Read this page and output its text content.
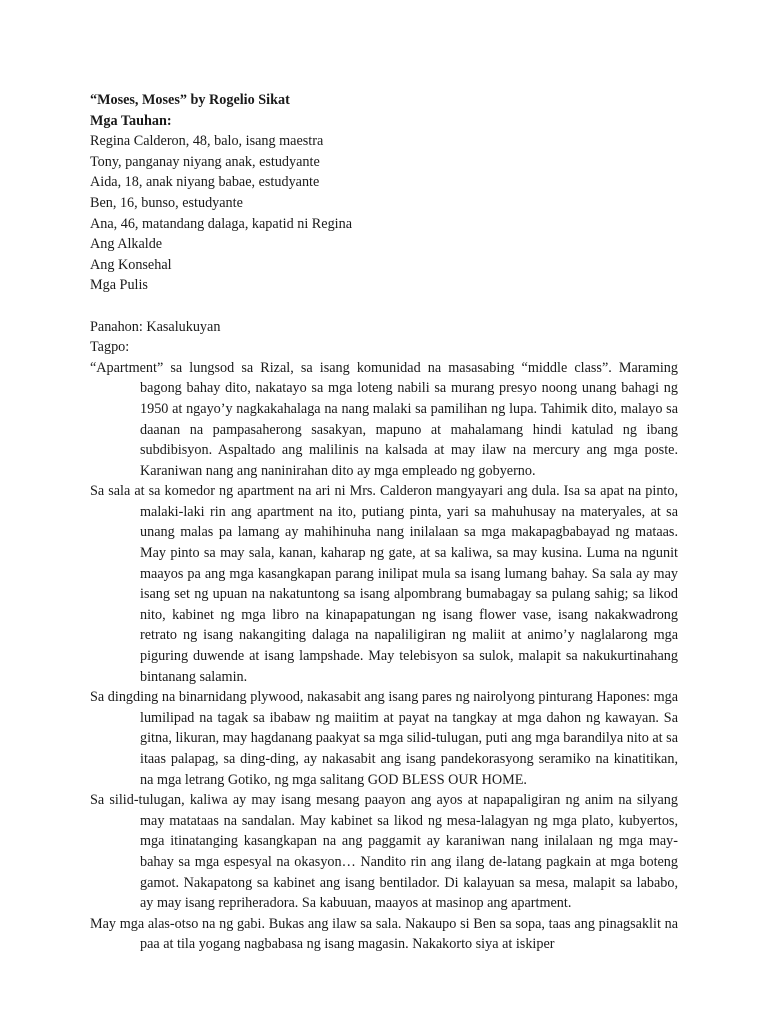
“Moses, Moses” by Rogelio Sikat
Mga Tauhan:
Regina Calderon, 48, balo, isang maestra
Tony, panganay niyang anak, estudyante
Aida, 18, anak niyang babae, estudyante
Ben, 16, bunso, estudyante
Ana, 46, matandang dalaga, kapatid ni Regina
Ang Alkalde
Ang Konsehal
Mga Pulis
Panahon: Kasalukuyan
Tagpo:

“Apartment” sa lungsod sa Rizal, sa isang komunidad na masasabing “middle class”. Maraming bagong bahay dito, nakatayo sa mga loteng nabili sa murang presyo noong unang bahagi ng 1950 at ngayo’y nagkakahalaga na nang malaki sa pamilihan ng lupa. Tahimik dito, malayo sa daanan na pampasaherong sasakyan, mapuno at mahalamang hindi katulad ng ibang subdibisyon. Aspaltado ang malilinis na kalsada at may ilaw na mercury ang mga poste. Karaniwan nang ang naninirahan dito ay mga empleado ng gobyerno.

Sa sala at sa komedor ng apartment na ari ni Mrs. Calderon mangyayari ang dula. Isa sa apat na pinto, malaki-laki rin ang apartment na ito, putiang pinta, yari sa mahuhusay na materyales, at sa unang malas pa lamang ay mahihinuha nang inilalaan sa mga makapagbabayad ng mataas. May pinto sa may sala, kanan, kaharap ng gate, at sa kaliwa, sa may kusina. Luma na ngunit maayos pa ang mga kasangkapan parang inilipat mula sa isang lumang bahay. Sa sala ay may isang set ng upuan na nakatuntong sa isang alpombrang bumabagay sa pulang sahig; sa likod nito, kabinet ng mga libro na kinapapatungan ng isang flower vase, isang nakakwadrong retrato ng isang nakangiting dalaga na napaliligiran ng maliit at animo’y naglalarong mga piguring duwende at isang lampshade. May telebisyon sa sulok, malapit sa nakukurtinahang bintanang salamin.

Sa dingding na binarnidang plywood, nakasabit ang isang pares ng nairolyong pinturang Hapones: mga lumilipad na tagak sa ibabaw ng maiitim at payat na tangkay at mga dahon ng kawayan. Sa gitna, likuran, may hagdanang paakyat sa mga silid-tulugan, puti ang mga barandilya nito at sa itaas palapag, sa ding-ding, ay nakasabit ang isang pandekorasyong seramiko na kinatitikan, na mga letrang Gotiko, ng mga salitang GOD BLESS OUR HOME.

Sa silid-tulugan, kaliwa ay may isang mesang paayon ang ayos at napapaligiran ng anim na silyang may matataas na sandalan. May kabinet sa likod ng mesa-lalagyan ng mga plato, kubyertos, mga itinatanging kasangkapan na ang paggamit ay karaniwan nang inilalaan ng mga may-bahay sa mga espesyal na okasyon… Nandito rin ang ilang de-latang pagkain at mga boteng gamot. Nakapatong sa kabinet ang isang bentilador. Di kalayuan sa mesa, malapit sa lababo, ay may isang repriheradora. Sa kabuuan, maayos at masinop ang apartment.

May mga alas-otso na ng gabi. Bukas ang ilaw sa sala. Nakaupo si Ben sa sopa, taas ang pinagsaklit na paa at tila yogang nagbabasa ng isang magasin. Nakakorto siya at iskiper
